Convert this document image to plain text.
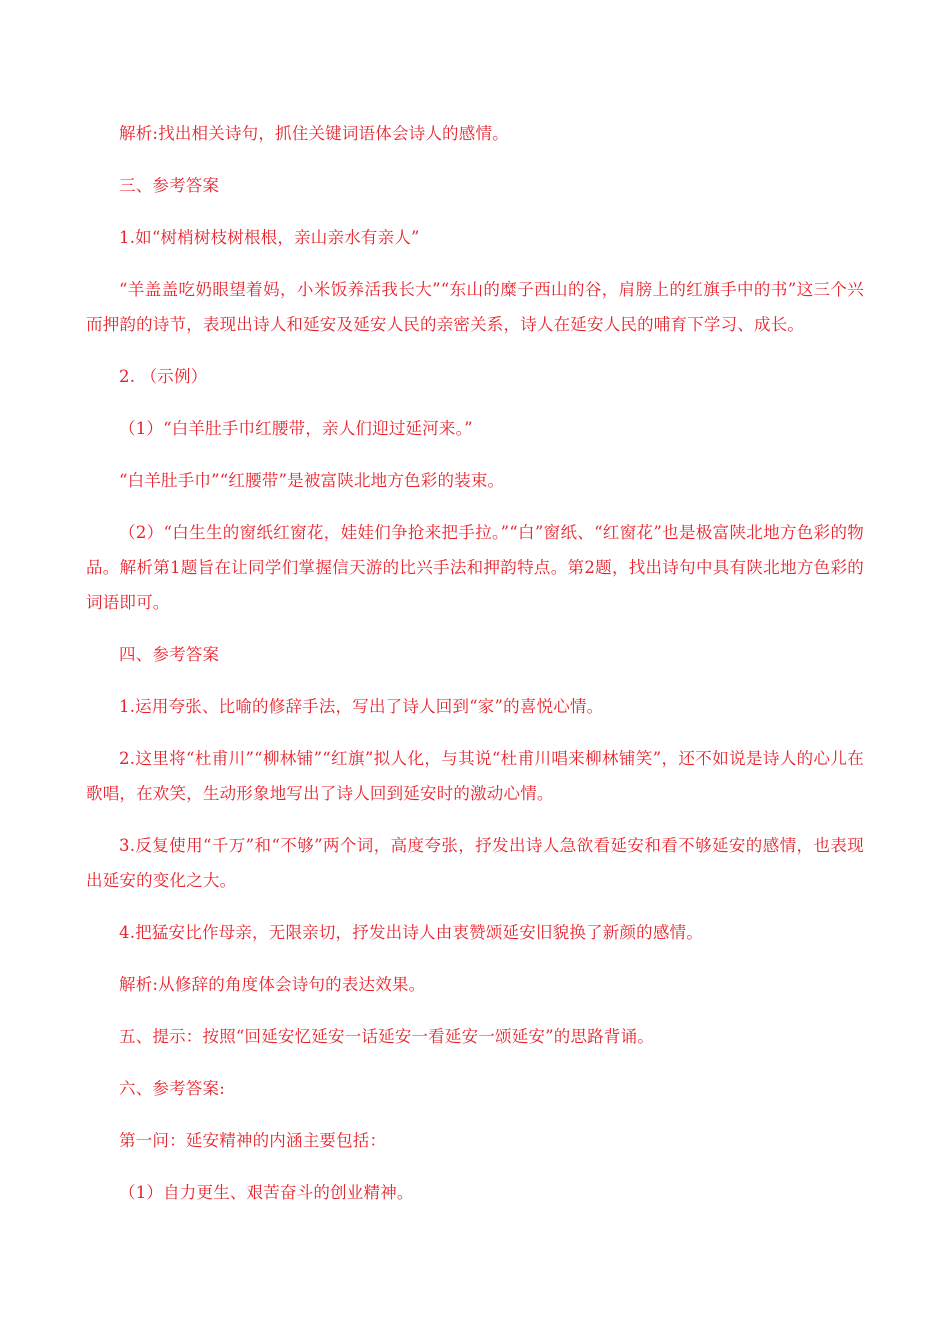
解析:找出相关诗句，抓住关键词语体会诗人的感情。

三、参考答案

1.如“树梢树枝树根根，亲山亲水有亲人”

“羊盖盖吃奶眼望着妈，小米饭养活我长大”“东山的糜子西山的谷，肩膀上的红旗手中的书”这三个兴而押韵的诗节，表现出诗人和延安及延安人民的亲密关系，诗人在延安人民的哺育下学习、成长。

2. （示例）

（1）“白羊肚手巾红腰带，亲人们迎过延河来。”

“白羊肚手巾”“红腰带”是被富陕北地方色彩的装束。

（2）“白生生的窗纸红窗花，娃娃们争抢来把手拉。”“白”窗纸、“红窗花”也是极富陕北地方色彩的物品。解析第1题旨在让同学们掌握信天游的比兴手法和押韵特点。第2题，找出诗句中具有陕北地方色彩的词语即可。

四、参考答案

1.运用夸张、比喻的修辞手法，写出了诗人回到“家”的喜悦心情。

2.这里将“杜甫川”“柳林铺”“红旗”拟人化，与其说“杜甫川唱来柳林铺笑”，还不如说是诗人的心儿在歌唱，在欢笑，生动形象地写出了诗人回到延安时的激动心情。

3.反复使用“千万”和“不够”两个词，高度夸张，抒发出诗人急欲看延安和看不够延安的感情，也表现出延安的变化之大。

4.把猛安比作母亲，无限亲切，抒发出诗人由衷赞颂延安旧貌换了新颜的感情。

解析:从修辞的角度体会诗句的表达效果。

五、提示：按照“回延安忆延安一话延安一看延安一颂延安”的思路背诵。

六、参考答案:

第一问：延安精神的内涵主要包括：

（1）自力更生、艰苦奋斗的创业精神。
